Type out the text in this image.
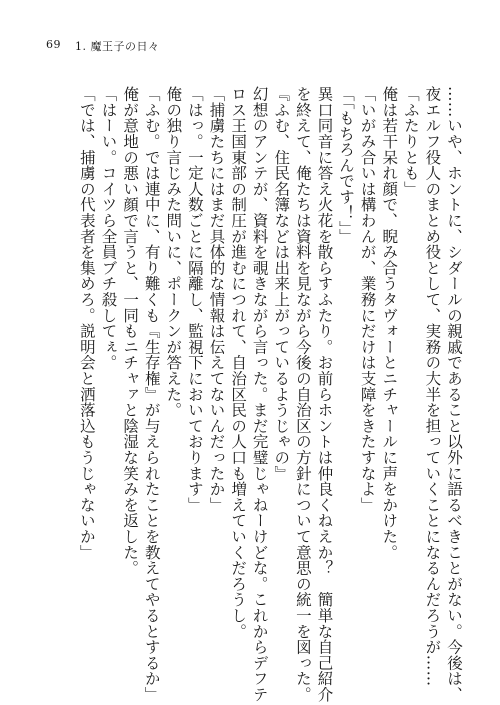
69 1. 魔王子の日々
……いや、ホントに、シダールの親戚であること以外に語るべきことがない。今後は、
夜エルフ役人のまとめ役として、実務の大半を担っていくことになるんだろうが……
「ふたりとも」
俺は若干呆れ顔で、睨み合うタヴォーとニチャールに声をかけた。
「いがみ合いは構わんが、業務にだけは支障をきたすなよ」
「「もちろんです！」」
異口同音に答え火花を散らすふたり。お前らホントは仲良くねえか？　簡単な自己紹介
を終えて、俺たちは資料を見ながら今後の自治区の方針について意思の統一を図った。
『ふむ、住民名簿などは出来上がっているようじゃの』
幻想のアンテが、資料を覗きながら言った。まだ完璧じゃねーけどな。これからデフテ
ロス王国東部の制圧が進むにつれて、自治区民の人口も増えていくだろうし。
「捕虜たちにはまだ具体的な情報は伝えてないんだったか」
「はっ。一定人数ごとに隔離し、監視下においております」
俺の独り言じみた問いに、ポークンが答えた。
「ふむ。では連中に、有り難くも『生存権』が与えられたことを教えてやるとするか」
俺が意地の悪い顔で言うと、一同もニチャァと陰湿な笑みを返した。
「はーい。コイツら全員ブチ殺してぇ。
「では、捕虜の代表者を集めろ。説明会と洒落込もうじゃないか」
